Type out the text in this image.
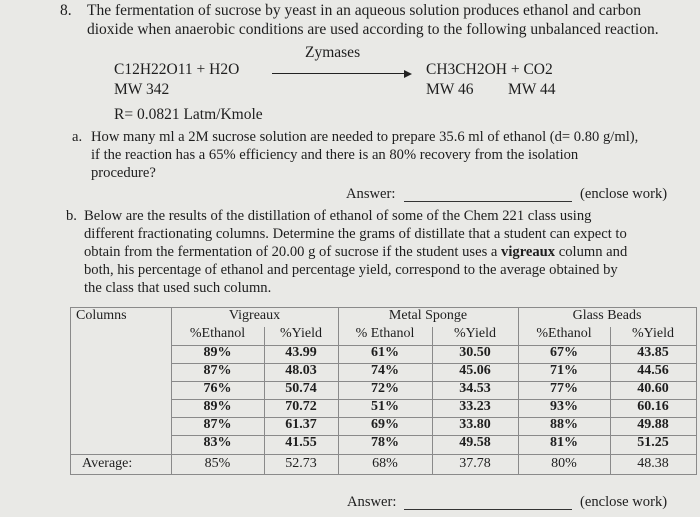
8. The fermentation of sucrose by yeast in an aqueous solution produces ethanol and carbon
dioxide when anaerobic conditions are used according to the following unbalanced reaction.
Zymases
C12H22O11 + H2O	CH3CH2OH + CO2
MW 342	MW 46 MW 44
R= 0.0821 Latm/Kmole
a. How many ml a 2M sucrose solution are needed to prepare 35.6 ml of ethanol (d= 0.80 g/ml),
if the reaction has a 65% efficiency and there is an 80% recovery from the isolation
procedure?
Answer:	(enclose work)
b. Below are the results of the distillation of ethanol of some of the Chem 221 class using
different fractionating columns. Determine the grams of distillate that a student can expect to
obtain from the fermentation of 20.00 g of sucrose if the student uses a vigreaux column and
both, his percentage of ethanol and percentage yield, correspond to the average obtained by
the class that used such column.
Columns	Vigreaux	Metal Sponge	Glass Beads
%Ethanol	%Yield	% Ethanol	%Yield	%Ethanol	%Yield
89%	43.99	61%	30.50	67%	43.85
87%	48.03	74%	45.06	71%	44.56
76%	50.74	72%	34.53	77%	40.60
89%	70.72	51%	33.23	93%	60.16
87%	61.37	69%	33.80	88%	49.88
83%	41.55	78%	49.58	81%	51.25
Average:	85%	52.73	68%	37.78	80%	48.38
Answer:	(enclose work)
